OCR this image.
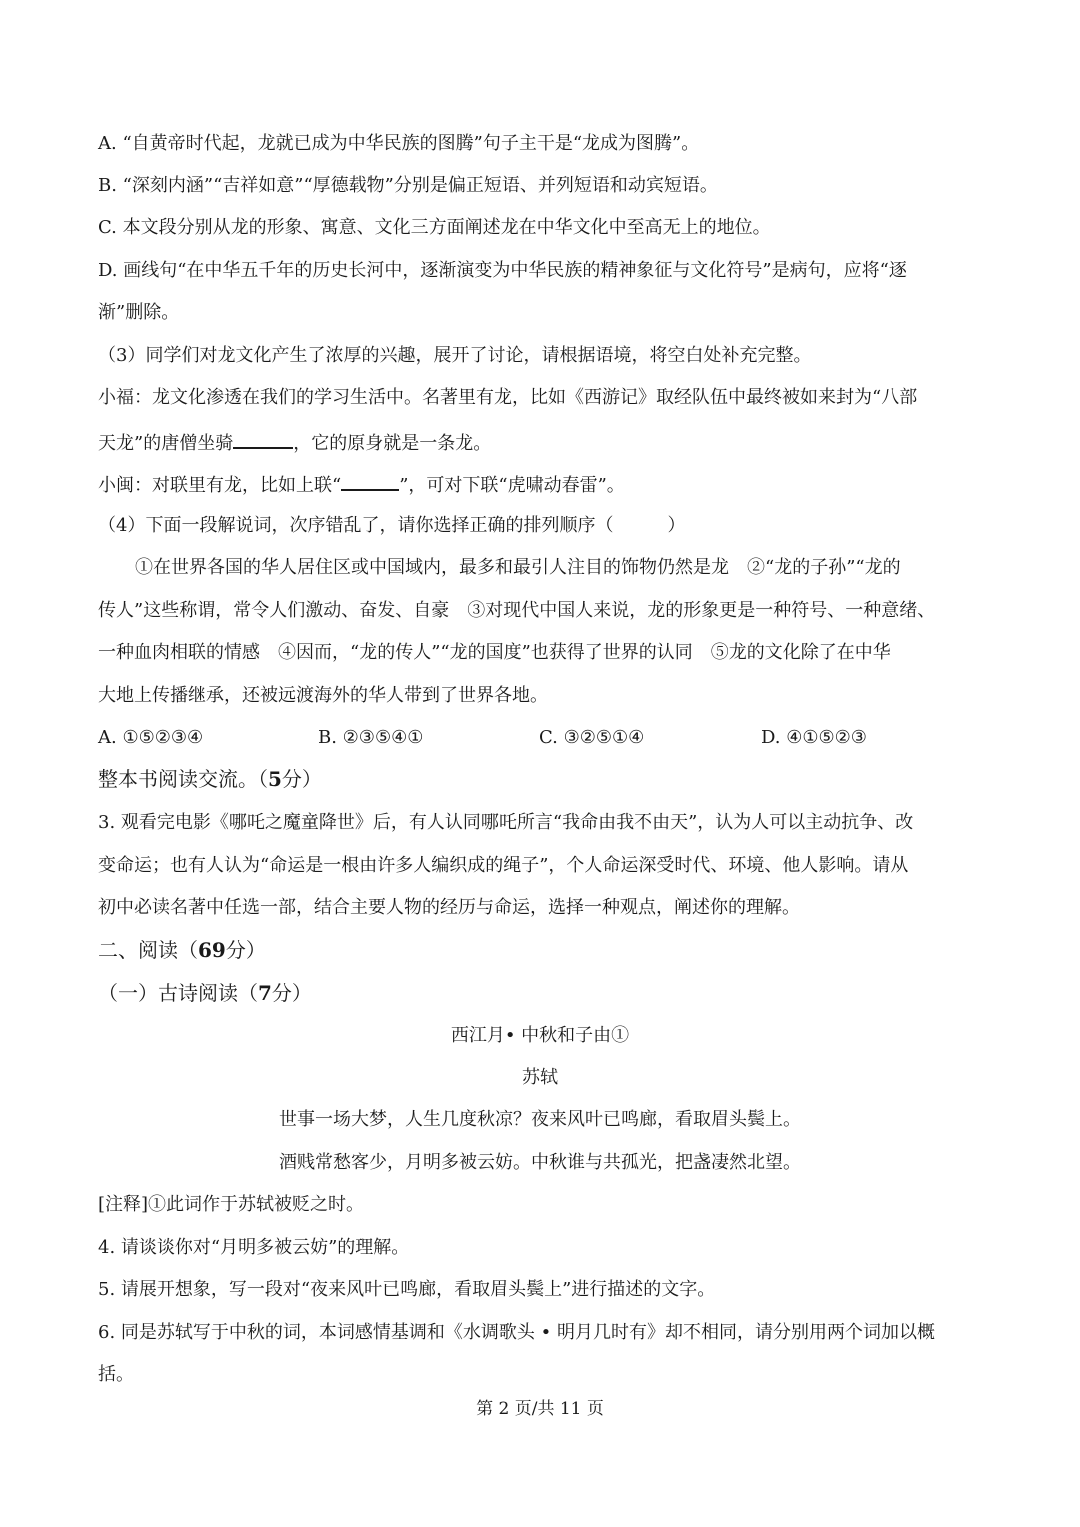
A. “自黄帝时代起，龙就已成为中华民族的图腾”句子主干是“龙成为图腾”。
B. “深刻内涵”“吉祥如意”“厚德载物”分别是偏正短语、并列短语和动宾短语。
C. 本文段分别从龙的形象、寓意、文化三方面阐述龙在中华文化中至高无上的地位。
D. 画线句“在中华五千年的历史长河中，逐渐演变为中华民族的精神象征与文化符号”是病句，应将“逐
渐”删除。
（3）同学们对龙文化产生了浓厚的兴趣，展开了讨论，请根据语境，将空白处补充完整。
小福：龙文化渗透在我们的学习生活中。名著里有龙，比如《西游记》取经队伍中最终被如来封为“八部
天龙”的唐僧坐骑	，它的原身就是一条龙。
小闽：对联里有龙，比如上联“	”，可对下联“虎啸动春雷”。
（4）下面一段解说词，次序错乱了，请你选择正确的排列顺序（	）
①在世界各国的华人居住区或中国域内，最多和最引人注目的饰物仍然是龙　②“龙的子孙”“龙的
传人”这些称谓，常令人们激动、奋发、自豪　③对现代中国人来说，龙的形象更是一种符号、一种意绪、
一种血肉相联的情感　④因而，“龙的传人”“龙的国度”也获得了世界的认同　⑤龙的文化除了在中华
大地上传播继承，还被远渡海外的华人带到了世界各地。
A. ①⑤②③④	B. ②③⑤④①	C. ③②⑤①④	D. ④①⑤②③
整本书阅读交流。（5分）
3. 观看完电影《哪吒之魔童降世》后，有人认同哪吒所言“我命由我不由天”，认为人可以主动抗争、改
变命运；也有人认为“命运是一根由许多人编织成的绳子”，个人命运深受时代、环境、他人影响。请从
初中必读名著中任选一部，结合主要人物的经历与命运，选择一种观点，阐述你的理解。
二、阅读（69分）
（一）古诗阅读（7分）
西江月• 中秋和子由①
苏轼
世事一场大梦，人生几度秋凉？夜来风叶已鸣廊，看取眉头鬓上。
酒贱常愁客少，月明多被云妨。中秋谁与共孤光，把盏凄然北望。
[注释]①此词作于苏轼被贬之时。
4. 请谈谈你对“月明多被云妨”的理解。
5. 请展开想象，写一段对“夜来风叶已鸣廊，看取眉头鬓上”进行描述的文字。
6. 同是苏轼写于中秋的词，本词感情基调和《水调歌头 • 明月几时有》却不相同，请分别用两个词加以概
括。
第 2 页/共 11 页
